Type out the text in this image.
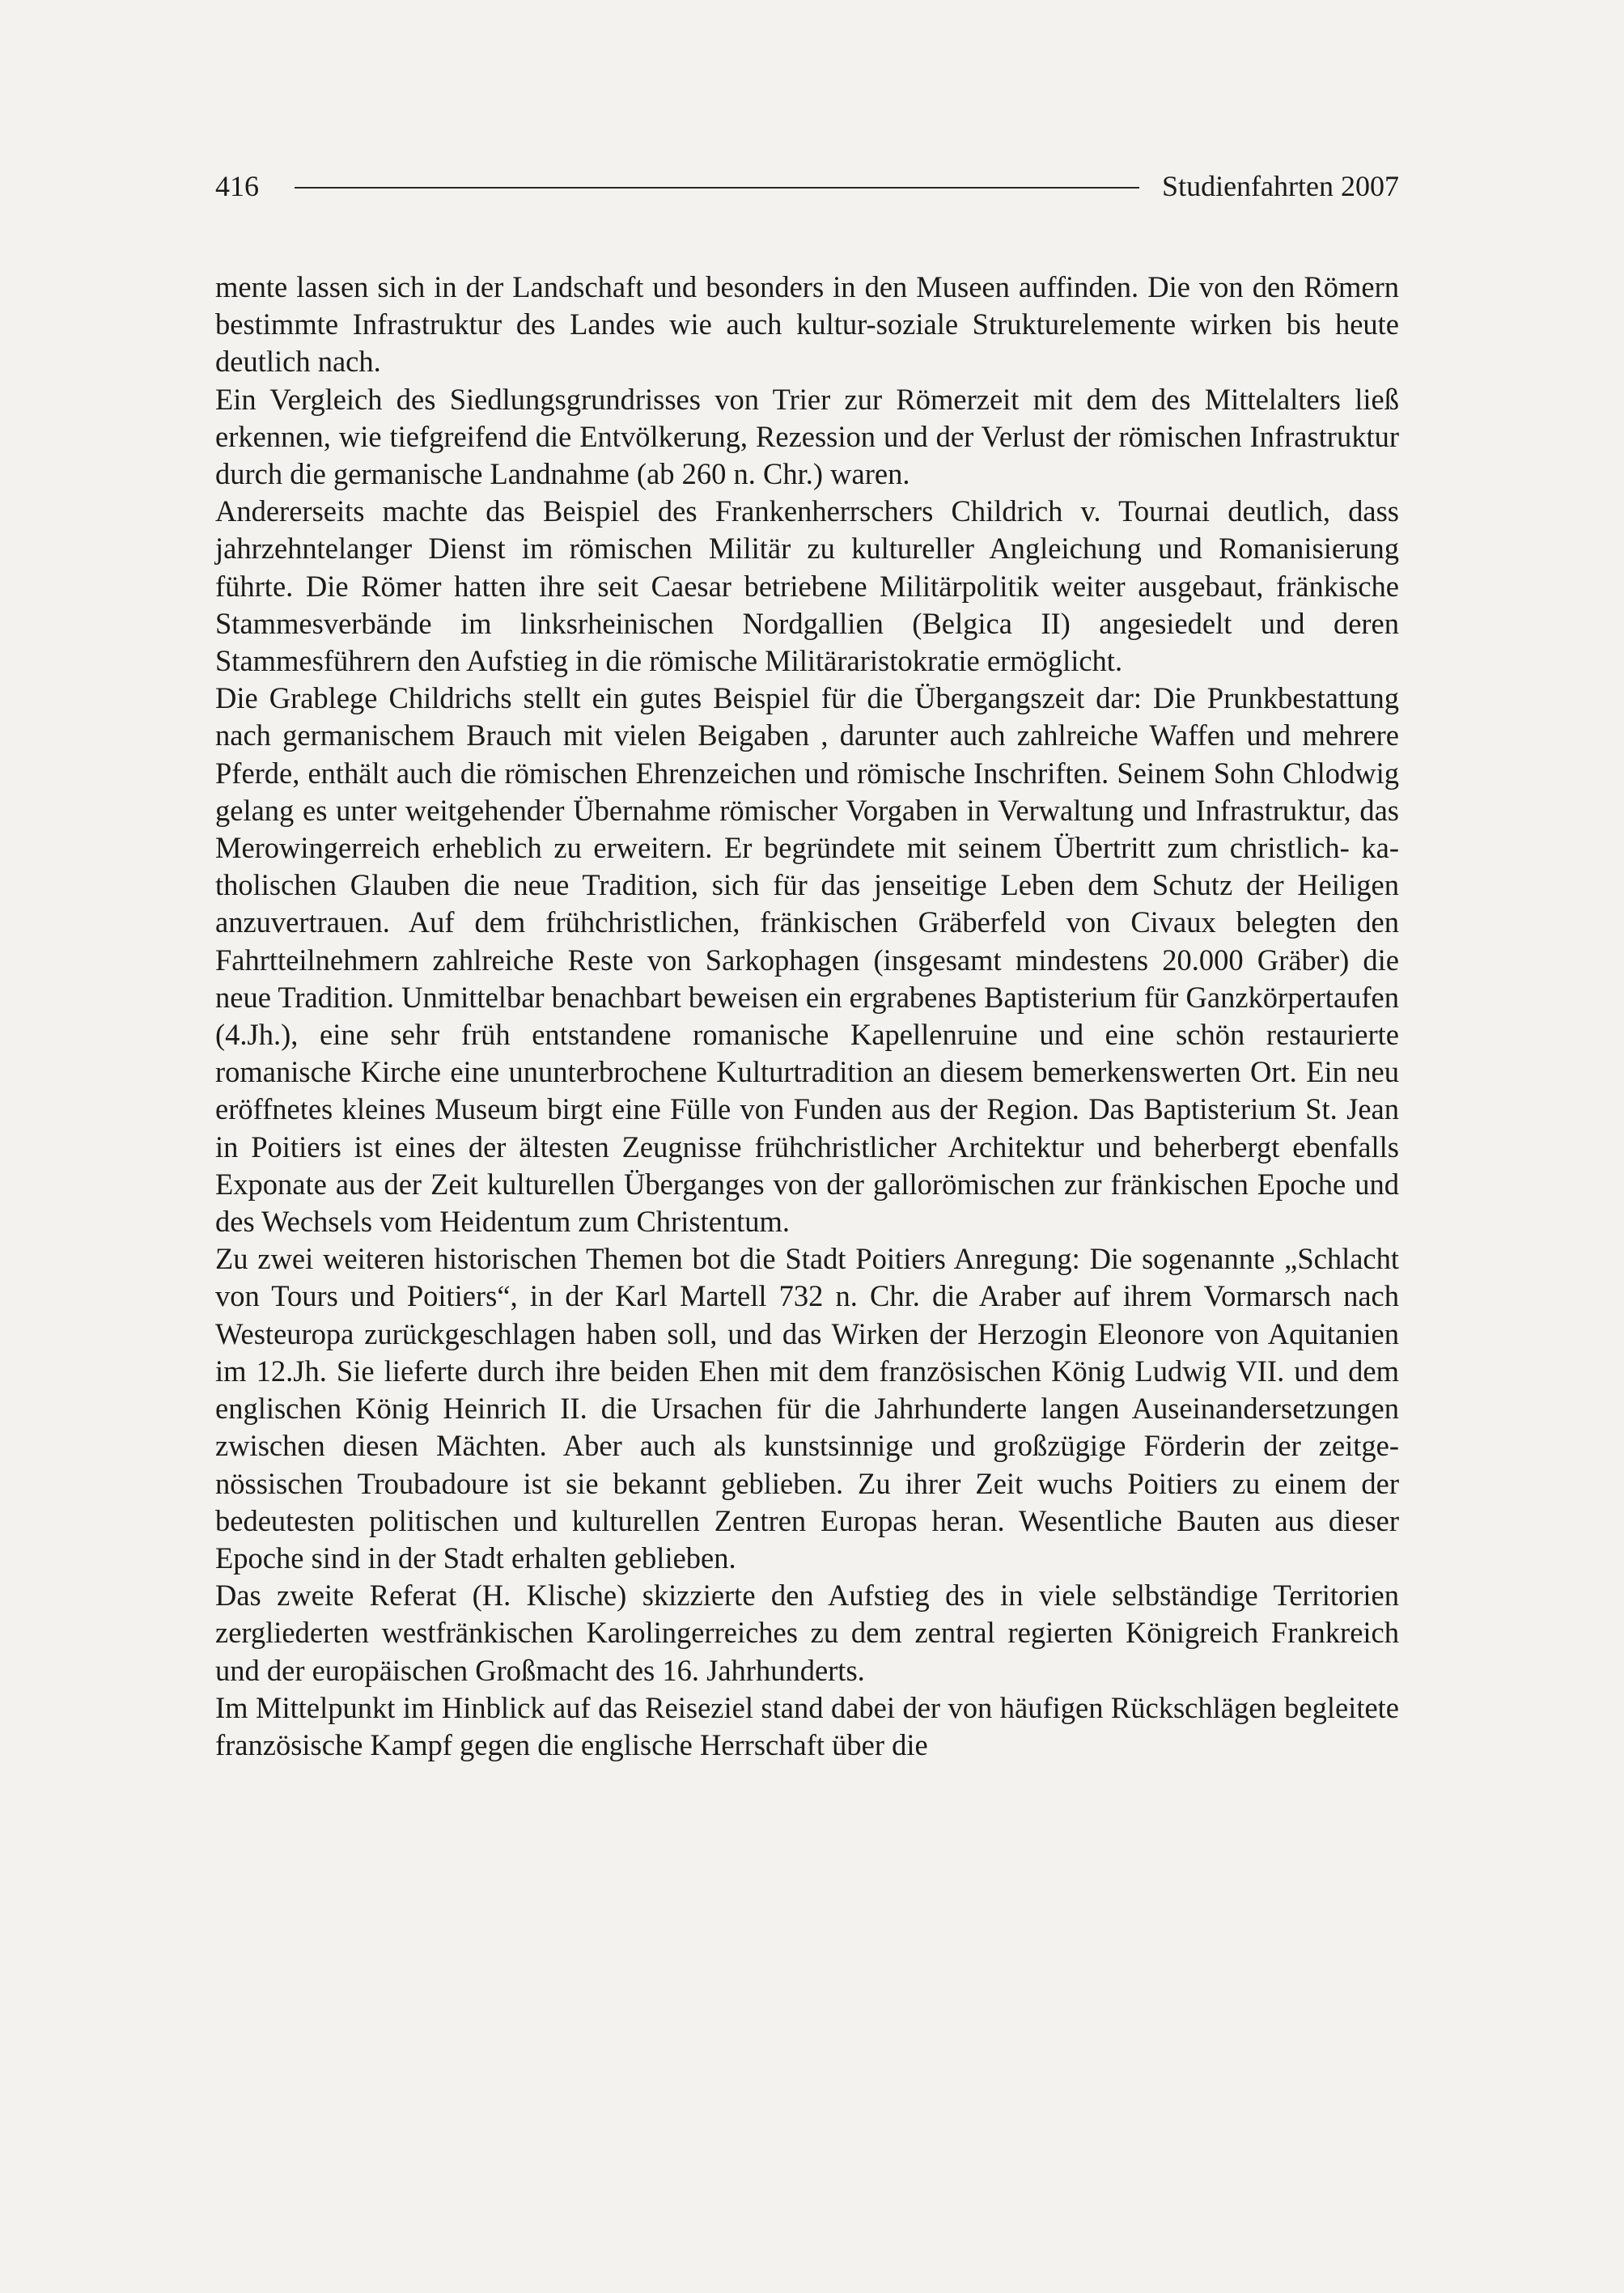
416	Studienfahrten 2007

mente lassen sich in der Landschaft und besonders in den Museen auffinden. Die von den Römern bestimmte Infrastruktur des Landes wie auch kultur-soziale Strukturelemente wirken bis heute deutlich nach.

Ein Vergleich des Siedlungsgrundrisses von Trier zur Römerzeit mit dem des Mittelalters ließ erkennen, wie tiefgreifend die Entvölkerung, Rezession und der Verlust der römischen Infrastruktur durch die germanische Landnahme (ab 260 n. Chr.) waren.

Andererseits machte das Beispiel des Frankenherrschers Childrich v. Tournai deutlich, dass jahrzehntelanger Dienst im römischen Militär zu kultureller Angleichung und Romanisierung führte. Die Römer hatten ihre seit Caesar betriebene Militärpolitik weiter ausgebaut, fränkische Stammesverbände im linksrheinischen Nordgallien (Belgica II) angesiedelt und deren Stammesführern den Aufstieg in die römische Militäraristokratie ermöglicht.

Die Grablege Childrichs stellt ein gutes Beispiel für die Übergangszeit dar: Die Prunkbestattung nach germanischem Brauch mit vielen Beigaben , darunter auch zahlreiche Waffen und mehrere Pferde, enthält auch die römischen Ehrenzeichen und römische Inschriften. Seinem Sohn Chlodwig gelang es unter weitgehender Übernahme römischer Vorgaben in Verwaltung und Infrastruktur, das Merowingerreich erheblich zu erweitern. Er begründete mit seinem Übertritt zum christlich- katholischen Glauben die neue Tradition, sich für das jenseitige Leben dem Schutz der Heiligen anzuvertrauen. Auf dem frühchristlichen, fränkischen Gräberfeld von Civaux belegten den Fahrtteilnehmern zahlreiche Reste von Sarkophagen (insgesamt mindestens 20.000 Gräber) die neue Tradition. Unmittelbar benachbart beweisen ein ergrabenes Baptisterium für Ganzkörpertaufen (4.Jh.), eine sehr früh entstandene romanische Kapellenruine und eine schön restaurierte romanische Kirche eine ununterbrochene Kulturtradition an diesem bemerkenswerten Ort. Ein neu eröffnetes kleines Museum birgt eine Fülle von Funden aus der Region. Das Baptisterium St. Jean in Poitiers ist eines der ältesten Zeugnisse frühchristlicher Architektur und beherbergt ebenfalls Exponate aus der Zeit kulturellen Überganges von der gallorömischen zur fränkischen Epoche und des Wechsels vom Heidentum zum Christentum.

Zu zwei weiteren historischen Themen bot die Stadt Poitiers Anregung: Die sogenannte „Schlacht von Tours und Poitiers“, in der Karl Martell 732 n. Chr. die Araber auf ihrem Vormarsch nach Westeuropa zurückgeschlagen haben soll, und das Wirken der Herzogin Eleonore von Aquitanien im 12.Jh. Sie lieferte durch ihre beiden Ehen mit dem französischen König Ludwig VII. und dem englischen König Heinrich II. die Ursachen für die Jahrhunderte langen Auseinandersetzungen zwischen diesen Mächten. Aber auch als kunstsinnige und großzügige Förderin der zeitgenössischen Troubadoure ist sie bekannt geblieben. Zu ihrer Zeit wuchs Poitiers zu einem der bedeutesten politischen und kulturellen Zentren Europas heran. Wesentliche Bauten aus dieser Epoche sind in der Stadt erhalten geblieben.

Das zweite Referat (H. Klische) skizzierte den Aufstieg des in viele selbständige Territorien zergliederten westfränkischen Karolingerreiches zu dem zentral regierten Königreich Frankreich und der europäischen Großmacht des 16. Jahrhunderts.

Im Mittelpunkt im Hinblick auf das Reiseziel stand dabei der von häufigen Rückschlägen begleitete französische Kampf gegen die englische Herrschaft über die
